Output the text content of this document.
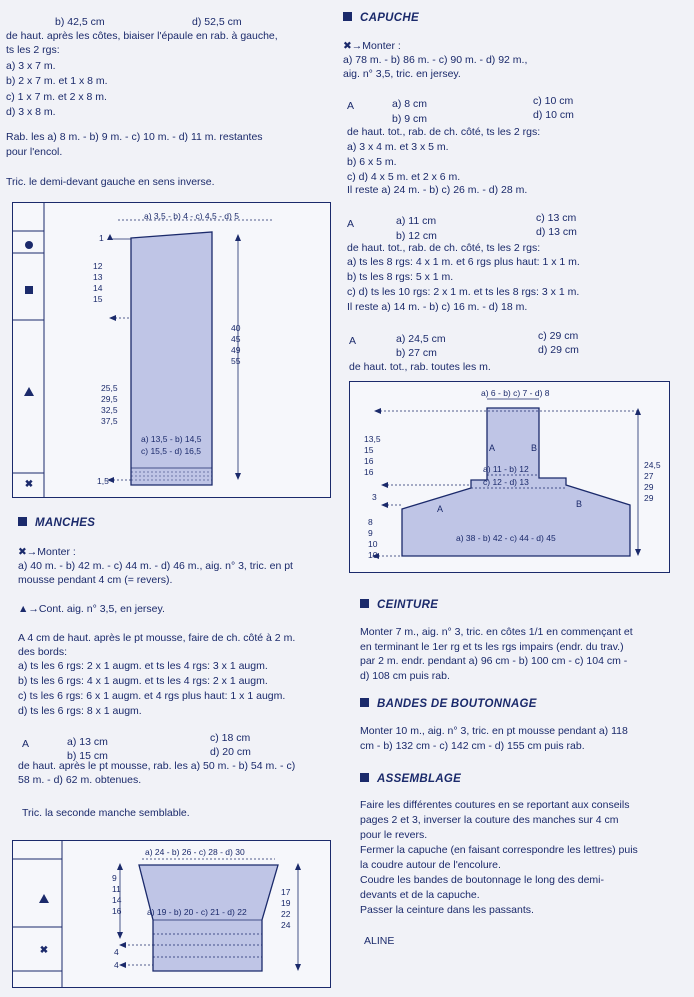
b) 42,5 cm	d) 52,5 cm
de haut. après les côtes, biaiser l'épaule en rab. à gauche,
ts les 2 rgs:
a) 3 x 7 m.
b) 2 x 7 m. et 1 x 8 m.
c) 1 x 7 m. et 2 x 8 m.
d) 3 x 8 m.
Rab. les a) 8 m. - b) 9 m. - c) 10 m. - d) 11 m. restantes
pour l'encol.
Tric. le demi-devant gauche en sens inverse.
✖
a) 3,5 - b) 4 - c) 4,5 - d) 5
1
12
13
14
15
25,5
29,5
32,5
37,5
40
45
49
55
a) 13,5 - b) 14,5
c) 15,5 - d) 16,5
1,5
MANCHES
✖→Monter :
a) 40 m. - b) 42 m. - c) 44 m. - d) 46 m., aig. n° 3, tric. en pt
mousse pendant 4 cm (= revers).
▲→Cont. aig. n° 3,5, en jersey.
A 4 cm de haut. après le pt mousse, faire de ch. côté à 2 m.
des bords:
a) ts les 6 rgs: 2 x 1 augm. et ts les 4 rgs: 3 x 1 augm.
b) ts les 6 rgs: 4 x 1 augm. et ts les 4 rgs: 2 x 1 augm.
c) ts les 6 rgs: 6 x 1 augm. et 4 rgs plus haut: 1 x 1 augm.
d) ts les 6 rgs: 8 x 1 augm.
A	a) 13 cm	c) 18 cm
b) 15 cm	d) 20 cm
de haut. après le pt mousse, rab. les a) 50 m. - b) 54 m. - c)
58 m. - d) 62 m. obtenues.
Tric. la seconde manche semblable.
✖
a) 24 - b) 26 - c) 28 - d) 30
a) 19 - b) 20 - c) 21 - d) 22
9
11
14
16
17
19
22
24
4
4
CAPUCHE
✖→Monter :
a) 78 m. - b) 86 m. - c) 90 m. - d) 92 m.,
aig. n° 3,5, tric. en jersey.
A	a) 8 cm	c) 10 cm
b) 9 cm	d) 10 cm
de haut. tot., rab. de ch. côté, ts les 2 rgs:
a) 3 x 4 m. et 3 x 5 m.
b) 6 x 5 m.
c) d) 4 x 5 m. et 2 x 6 m.
Il reste a) 24 m. - b) c) 26 m. - d) 28 m.
A	a) 11 cm	c) 13 cm
b) 12 cm	d) 13 cm
de haut. tot., rab. de ch. côté, ts les 2 rgs:
a) ts les 8 rgs: 4 x 1 m. et 6 rgs plus haut: 1 x 1 m.
b) ts les 8 rgs: 5 x 1 m.
c) d) ts les 10 rgs: 2 x 1 m. et ts les 8 rgs: 3 x 1 m.
Il reste a) 14 m. - b) c) 16 m. - d) 18 m.
A	a) 24,5 cm	c) 29 cm
b) 27 cm	d) 29 cm
de haut. tot., rab. toutes les m.
a) 6 - b) c) 7 - d) 8
13,5
15
16
16
24,5
27
29
29
A	B
a) 11 - b) 12
c) 12 - d) 13
3
A	B
8
9
10
10
a) 38 - b) 42 - c) 44 - d) 45
CEINTURE
Monter 7 m., aig. n° 3, tric. en côtes 1/1 en commençant et
en terminant le 1er rg et ts les rgs impairs (endr. du trav.)
par 2 m. endr. pendant a) 96 cm - b) 100 cm - c) 104 cm -
d) 108 cm puis rab.
BANDES DE BOUTONNAGE
Monter 10 m., aig. n° 3, tric. en pt mousse pendant a) 118
cm - b) 132 cm - c) 142 cm - d) 155 cm puis rab.
ASSEMBLAGE
Faire les différentes coutures en se reportant aux conseils
pages 2 et 3, inverser la couture des manches sur 4 cm
pour le revers.
Fermer la capuche (en faisant correspondre les lettres) puis
la coudre autour de l'encolure.
Coudre les bandes de boutonnage le long des demi-
devants et de la capuche.
Passer la ceinture dans les passants.
ALINE
